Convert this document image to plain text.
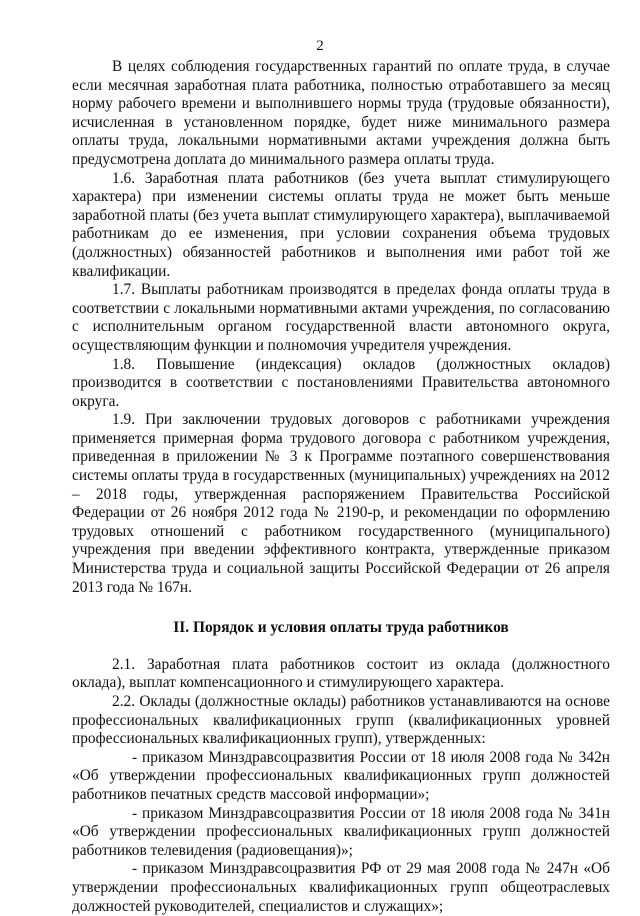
2

В целях соблюдения государственных гарантий по оплате труда, в случае если месячная заработная плата работника, полностью отработавшего за месяц норму рабочего времени и выполнившего нормы труда (трудовые обязанности), исчисленная в установленном порядке, будет ниже минимального размера оплаты труда, локальными нормативными актами учреждения должна быть предусмотрена доплата до минимального размера оплаты труда.

1.6. Заработная плата работников (без учета выплат стимулирующего характера) при изменении системы оплаты труда не может быть меньше заработной платы (без учета выплат стимулирующего характера), выплачиваемой работникам до ее изменения, при условии сохранения объема трудовых (должностных) обязанностей работников и выполнения ими работ той же квалификации.

1.7. Выплаты работникам производятся в пределах фонда оплаты труда в соответствии с локальными нормативными актами учреждения, по согласованию с исполнительным органом государственной власти автономного округа, осуществляющим функции и полномочия учредителя учреждения.

1.8. Повышение (индексация) окладов (должностных окладов) производится в соответствии с постановлениями Правительства автономного округа.

1.9. При заключении трудовых договоров с работниками учреждения применяется примерная форма трудового договора с работником учреждения, приведенная в приложении № 3 к Программе поэтапного совершенствования системы оплаты труда в государственных (муниципальных) учреждениях на 2012 – 2018 годы, утвержденная распоряжением Правительства Российской Федерации от 26 ноября 2012 года № 2190-р, и рекомендации по оформлению трудовых отношений с работником государственного (муниципального) учреждения при введении эффективного контракта, утвержденные приказом Министерства труда и социальной защиты Российской Федерации от 26 апреля 2013 года № 167н.

II. Порядок и условия оплаты труда работников

2.1. Заработная плата работников состоит из оклада (должностного оклада), выплат компенсационного и стимулирующего характера.

2.2. Оклады (должностные оклады) работников устанавливаются на основе профессиональных квалификационных групп (квалификационных уровней профессиональных квалификационных групп), утвержденных:

- приказом Минздравсоцразвития России от 18 июля 2008 года № 342н «Об утверждении профессиональных квалификационных групп должностей работников печатных средств массовой информации»;

- приказом Минздравсоцразвития России от 18 июля 2008 года № 341н «Об утверждении профессиональных квалификационных групп должностей работников телевидения (радиовещания)»;

- приказом Минздравсоцразвития РФ от 29 мая 2008 года № 247н «Об утверждении профессиональных квалификационных групп общеотраслевых должностей руководителей, специалистов и служащих»;
